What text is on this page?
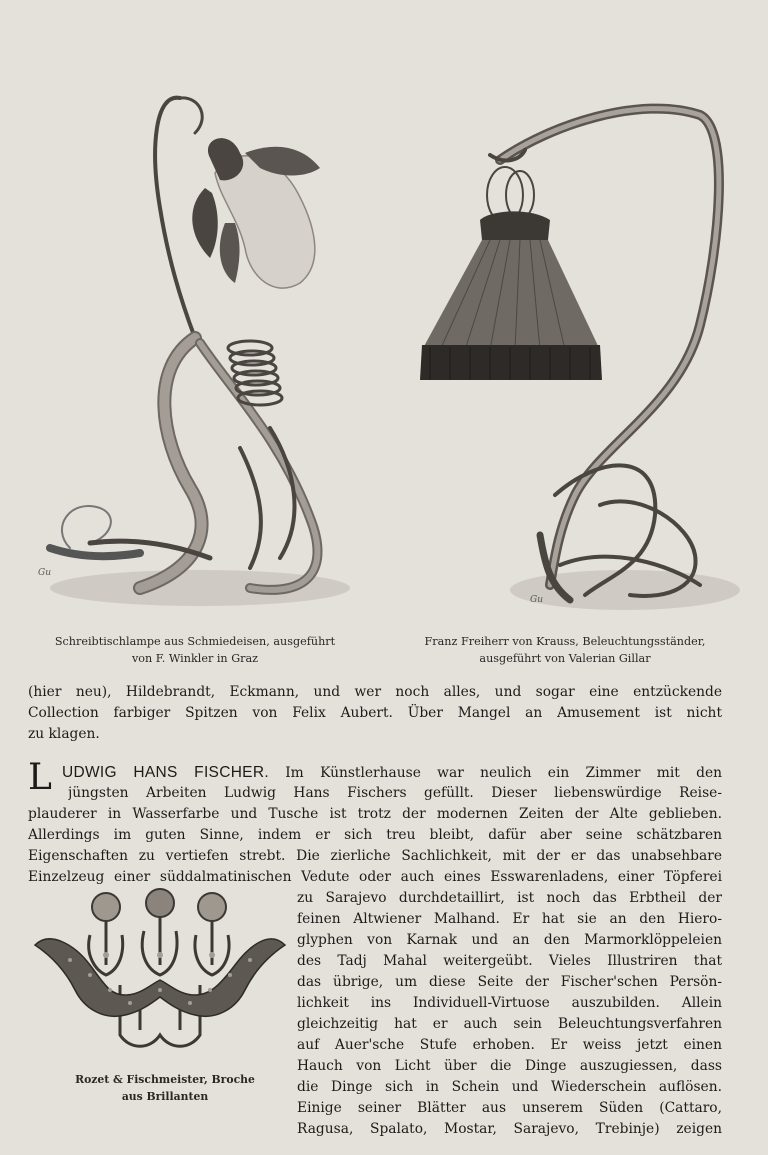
Gu
Gu
Schreibtischlampe aus Schmiedeisen, ausgeführt
von F. Winkler in Graz
Franz Freiherr von Krauss, Beleuchtungsständer,
ausgeführt von Valerian Gillar
(hier neu), Hildebrandt, Eckmann, und wer noch alles, und sogar eine entzückende
Collection farbiger Spitzen von Felix Aubert. Über Mangel an Amusement ist nicht
zu klagen.
L UDWIG HANS FISCHER. Im Künstlerhause war neulich ein Zimmer mit den
jüngsten Arbeiten Ludwig Hans Fischers gefüllt. Dieser liebenswürdige Reise-
plauderer in Wasserfarbe und Tusche ist trotz der modernen Zeiten der Alte geblieben.
Allerdings im guten Sinne, indem er sich treu bleibt, dafür aber seine schätzbaren
Eigenschaften zu vertiefen strebt. Die zierliche Sachlichkeit, mit der er das unabsehbare
Einzelzeug einer süddalmatinischen Vedute oder auch eines Esswarenladens, einer Töpferei
zu Sarajevo durchdetaillirt, ist noch das Erbtheil der
feinen Altwiener Malhand. Er hat sie an den Hiero-
glyphen von Karnak und an den Marmorklöppeleien
des Tadj Mahal weitergeübt. Vieles Illustriren that
das übrige, um diese Seite der Fischer'schen Persön-
lichkeit ins Individuell-Virtuose auszubilden. Allein
gleichzeitig hat er auch sein Beleuchtungsverfahren
auf Auer'sche Stufe erhoben. Er weiss jetzt einen
Hauch von Licht über die Dinge auszugiessen, dass
die Dinge sich in Schein und Wiederschein auflösen.
Einige seiner Blätter aus unserem Süden (Cattaro,
Ragusa, Spalato, Mostar, Sarajevo, Trebinje) zeigen
Rozet & Fischmeister, Broche
aus Brillanten
